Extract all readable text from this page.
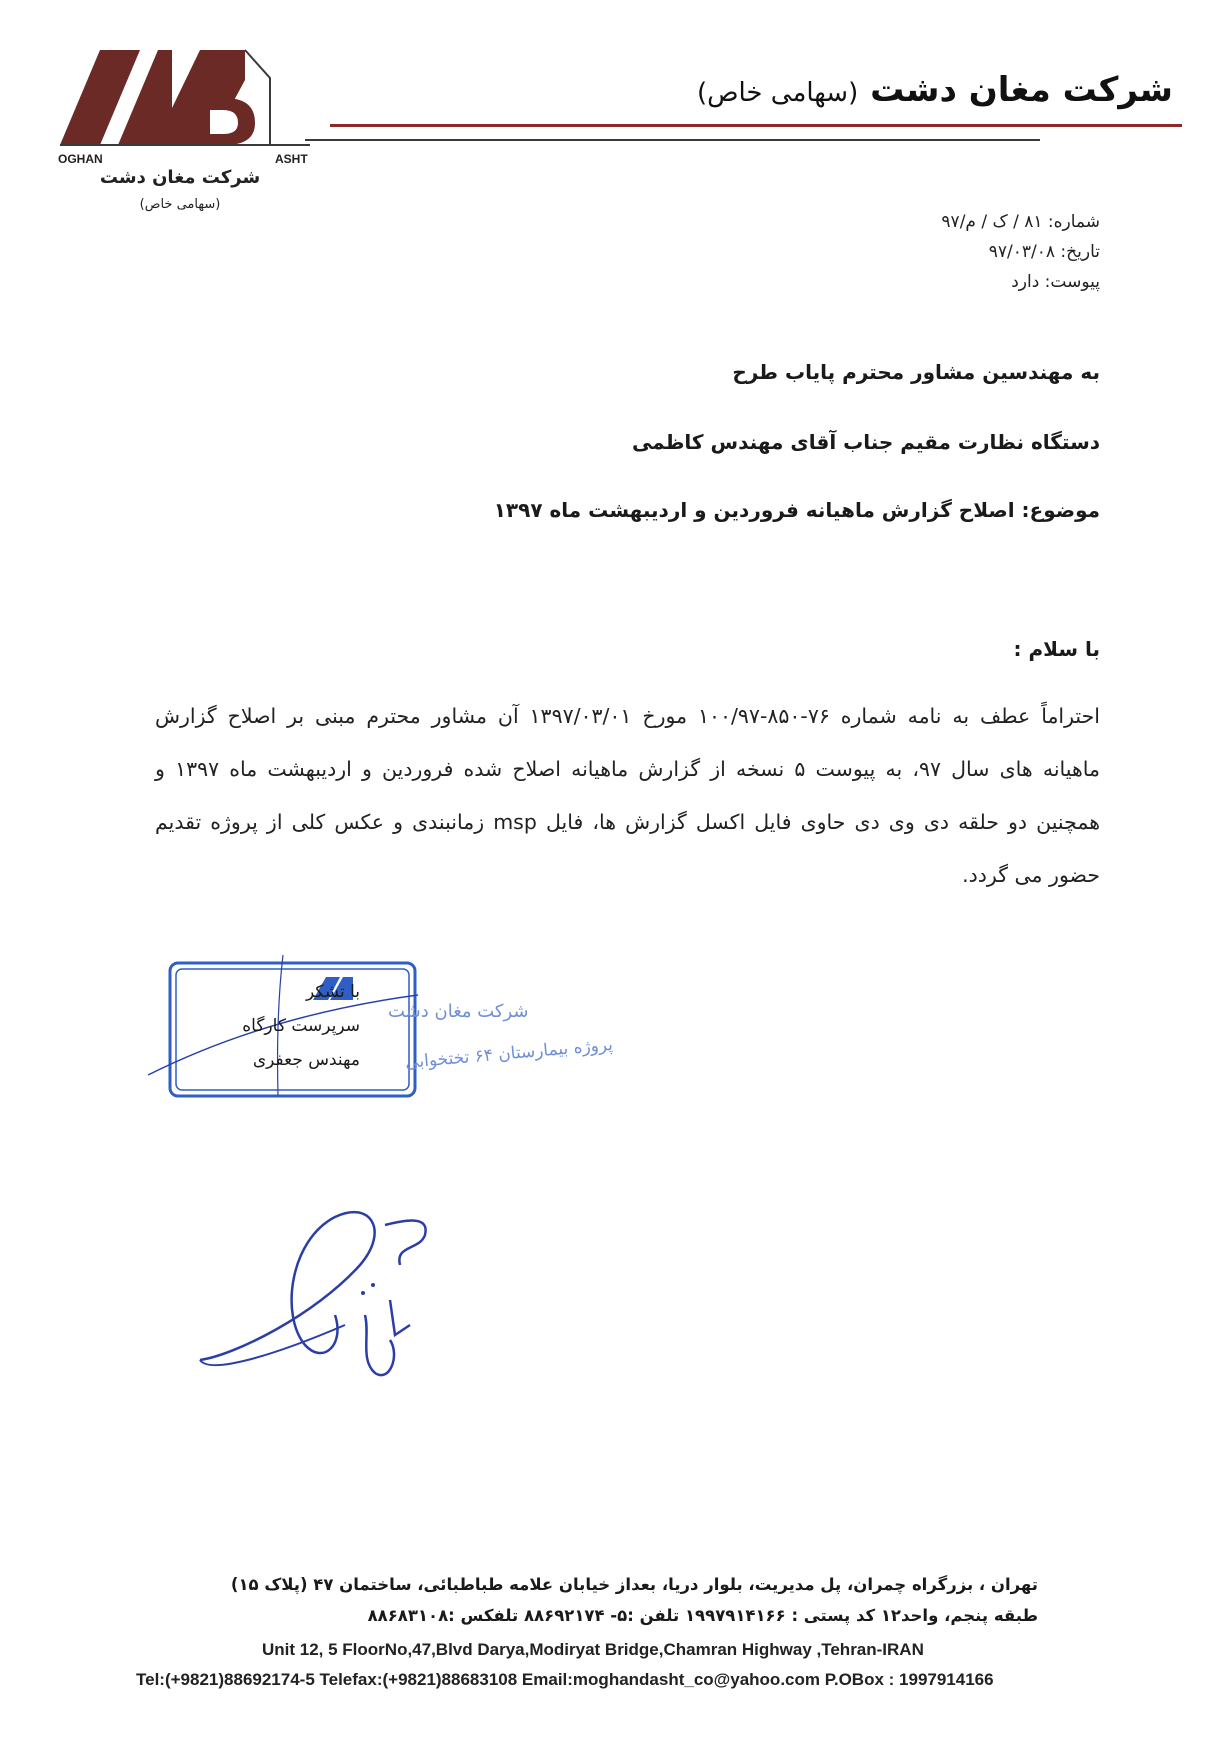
OGHAN	ASHT
شرکت مغان دشت
(سهامی خاص)
شرکت مغان دشت (سهامی خاص)
شماره: ۸۱ / ک / م/۹۷
تاریخ: ۹۷/۰۳/۰۸
پیوست: دارد
به مهندسین مشاور محترم پایاب طرح
دستگاه نظارت مقیم جناب آقای مهندس کاظمی
موضوع: اصلاح گزارش ماهیانه فروردین و اردیبهشت ماه ۱۳۹۷
با سلام :
احتراماً عطف به نامه شماره ۷۶-۸۵۰-۱۰۰/۹۷ مورخ ۱۳۹۷/۰۳/۰۱ آن مشاور محترم مبنی بر اصلاح گزارش ماهیانه های سال ۹۷، به پیوست ۵ نسخه از گزارش ماهیانه اصلاح شده فروردین و اردیبهشت ماه ۱۳۹۷ و همچنین دو حلقه دی وی دی حاوی فایل اکسل گزارش ها، فایل msp زمانبندی و عکس کلی از پروژه تقدیم حضور می گردد.
شرکت مغان دشت
پروژه بیمارستان ۶۴ تختخوابی
با تشکر
سرپرست کارگاه
مهندس جعفری
تهران ، بزرگراه چمران، پل مدیریت، بلوار دریا، بعداز خیابان علامه طباطبائی، ساختمان ۴۷ (پلاک ۱۵)
طبقه پنجم، واحد۱۲ کد پستی : ۱۹۹۷۹۱۴۱۶۶ تلفن :۵- ۸۸۶۹۲۱۷۴ تلفکس :۸۸۶۸۳۱۰۸
Unit 12, 5 FloorNo,47,Blvd Darya,Modiryat Bridge,Chamran Highway ,Tehran-IRAN
Tel:(+9821)88692174-5 Telefax:(+9821)88683108 Email:moghandasht_co@yahoo.com P.OBox : 1997914166
